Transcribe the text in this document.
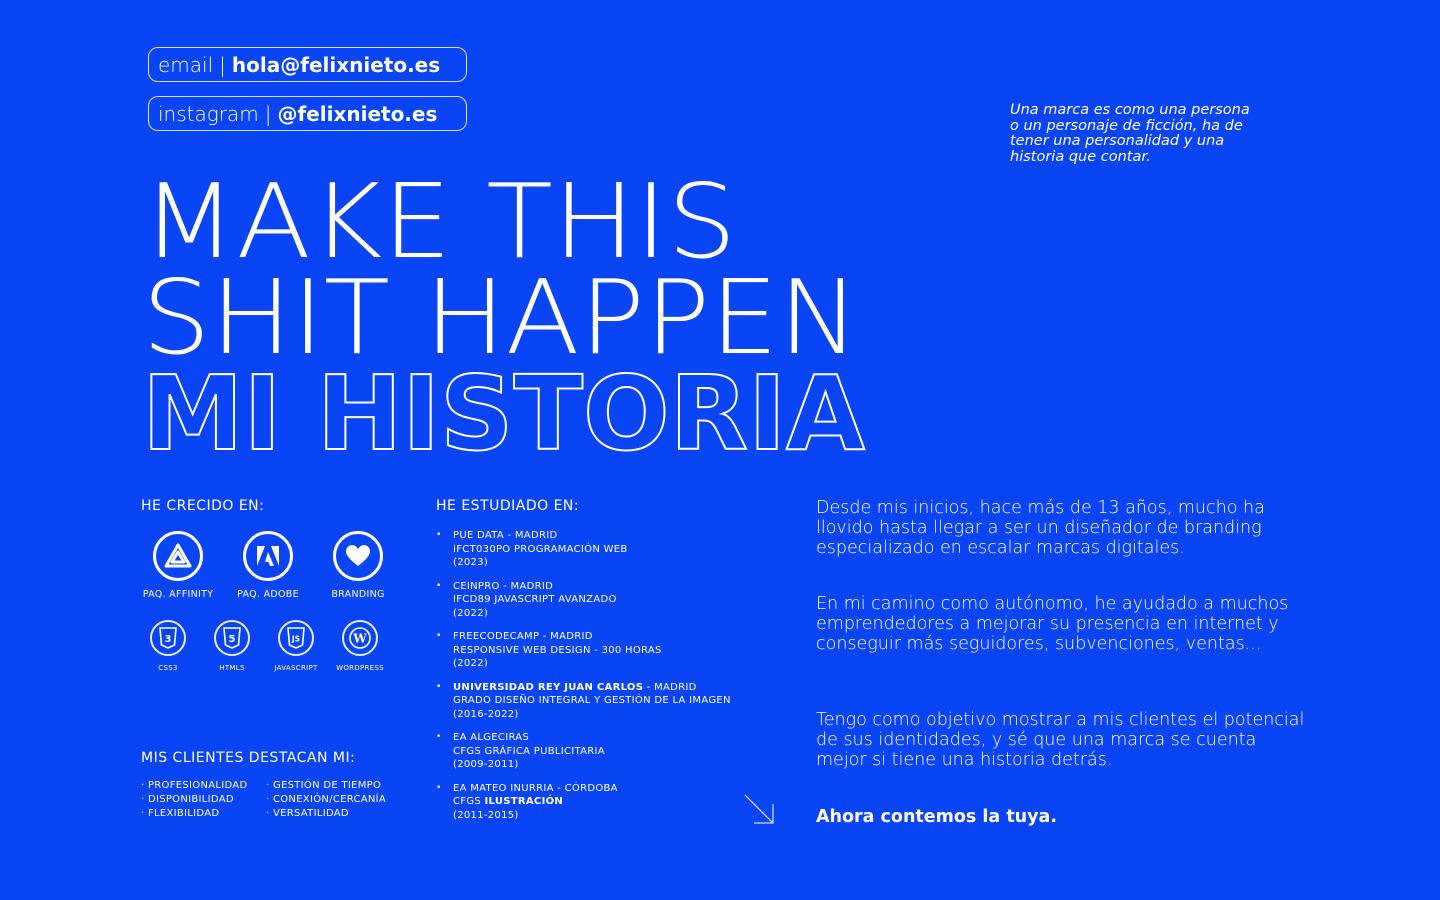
email | hola@felixnieto.es
instagram | @felixnieto.es	Una marca es como una persona o un personaje de ficción, ha de tener una personalidad y una historia que contar.
MAKE THIS
SHIT HAPPEN
MI HISTORIA
HE CRECIDO EN:
PAQ. AFFINITY	PAQ. ADOBE	BRANDING
3
CSS3
5
HTML5
JS
JAVASCRIPT
W
WORDPRESS
MIS CLIENTES DESTACAN MI:
· PROFESIONALIDAD
· DISPONIBILIDAD
· FLEXIBILIDAD
· GESTIÓN DE TIEMPO
· CONEXIÓN/CERCANÍA
· VERSATILIDAD
HE ESTUDIADO EN:
• PUE DATA - MADRID
IFCT030PO PROGRAMACIÓN WEB
(2023)
• CEINPRO - MADRID
IFCD89 JAVASCRIPT AVANZADO
(2022)
• FREECODECAMP - MADRID
RESPONSIVE WEB DESIGN - 300 HORAS
(2022)
• UNIVERSIDAD REY JUAN CARLOS - MADRID
GRADO DISEÑO INTEGRAL Y GESTIÓN DE LA IMAGEN
(2016-2022)
• EA ALGECIRAS
CFGS GRÁFICA PUBLICITARIA
(2009-2011)
• EA MATEO INURRIA - CÓRDOBA
CFGS ILUSTRACIÓN
(2011-2015)

Desde mis inicios, hace más de 13 años, mucho ha llovido hasta llegar a ser un diseñador de branding especializado en escalar marcas digitales.

En mi camino como autónomo, he ayudado a muchos emprendedores a mejorar su presencia en internet y conseguir más seguidores, subvenciones, ventas...

Tengo como objetivo mostrar a mis clientes el potencial de sus identidades, y sé que una marca se cuenta mejor si tiene una historia detrás.

Ahora contemos la tuya.
